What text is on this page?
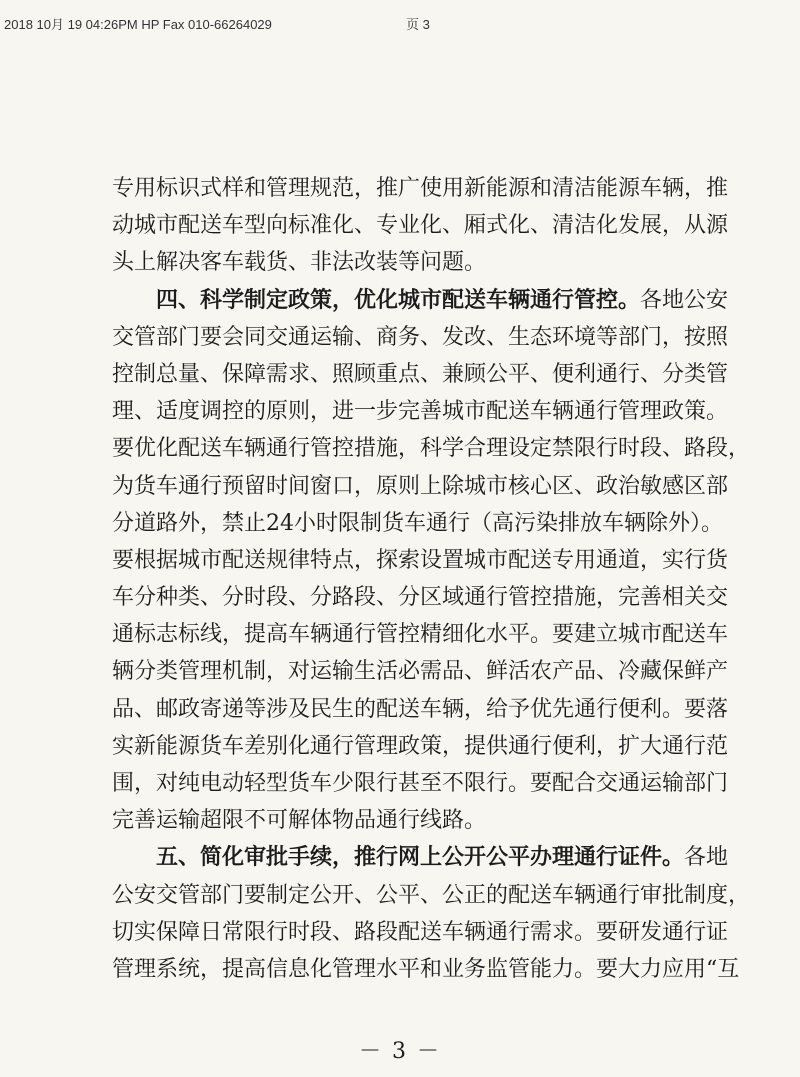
2018 10月 19 04:26PM HP Fax 010-66264029	页 3
专用标识式样和管理规范，推广使用新能源和清洁能源车辆，推
动城市配送车型向标准化、专业化、厢式化、清洁化发展，从源
头上解决客车载货、非法改装等问题。
四、科学制定政策，优化城市配送车辆通行管控。各地公安
交管部门要会同交通运输、商务、发改、生态环境等部门，按照
控制总量、保障需求、照顾重点、兼顾公平、便利通行、分类管
理、适度调控的原则，进一步完善城市配送车辆通行管理政策。
要优化配送车辆通行管控措施，科学合理设定禁限行时段、路段，
为货车通行预留时间窗口，原则上除城市核心区、政治敏感区部
分道路外，禁止24小时限制货车通行（高污染排放车辆除外）。
要根据城市配送规律特点，探索设置城市配送专用通道，实行货
车分种类、分时段、分路段、分区域通行管控措施，完善相关交
通标志标线，提高车辆通行管控精细化水平。要建立城市配送车
辆分类管理机制，对运输生活必需品、鲜活农产品、冷藏保鲜产
品、邮政寄递等涉及民生的配送车辆，给予优先通行便利。要落
实新能源货车差别化通行管理政策，提供通行便利，扩大通行范
围，对纯电动轻型货车少限行甚至不限行。要配合交通运输部门
完善运输超限不可解体物品通行线路。
五、简化审批手续，推行网上公开公平办理通行证件。各地
公安交管部门要制定公开、公平、公正的配送车辆通行审批制度，
切实保障日常限行时段、路段配送车辆通行需求。要研发通行证
管理系统，提高信息化管理水平和业务监管能力。要大力应用“互
－ 3 －
